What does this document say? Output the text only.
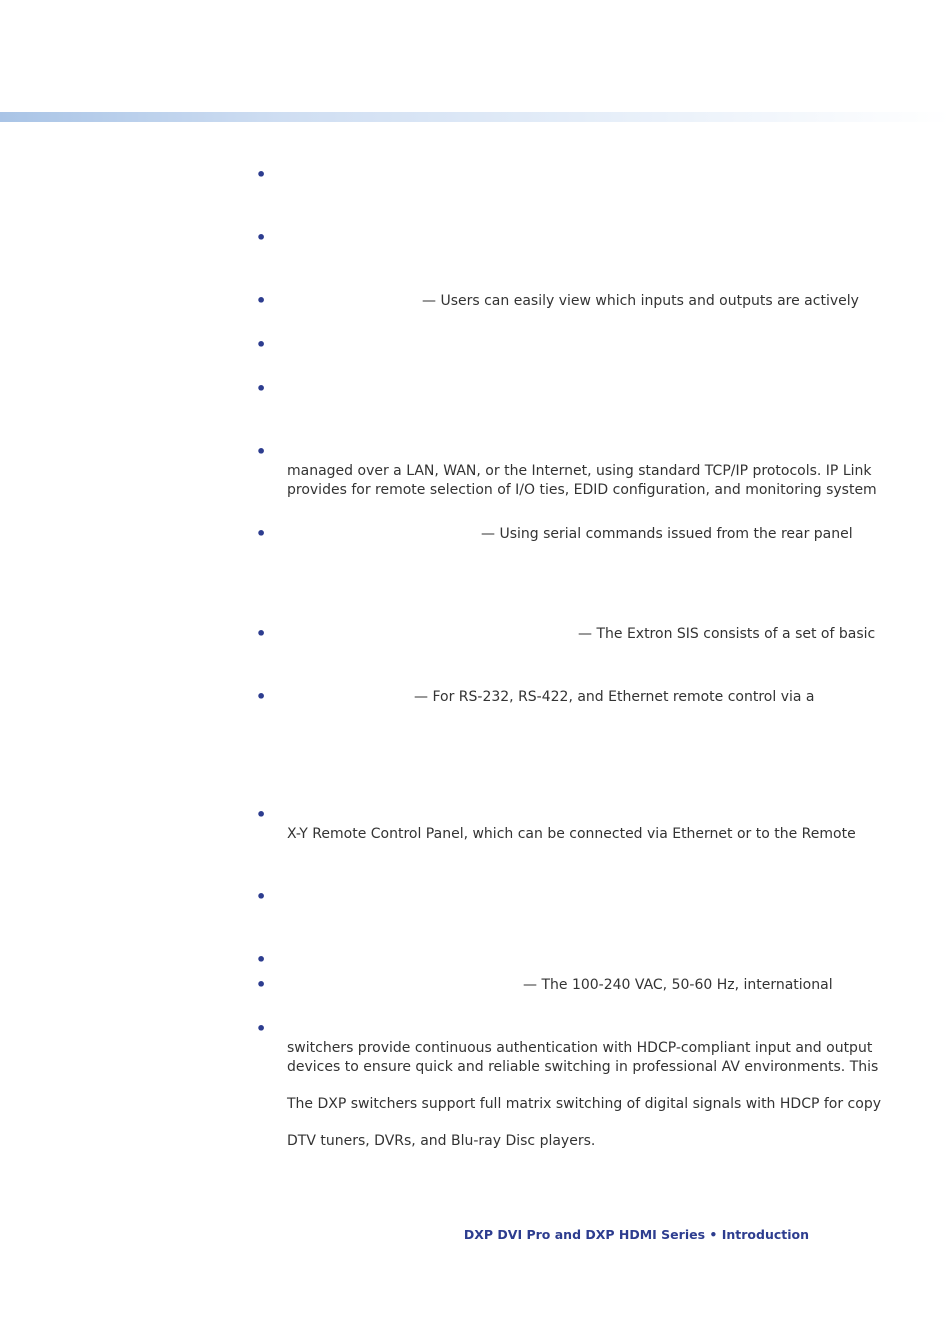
•
•
•
•
•
•
•
•
•
•
•
•
•
•
— Users can easily view which inputs and outputs are actively
managed over a LAN, WAN, or the Internet, using standard TCP/IP protocols. IP Link
provides for remote selection of I/O ties, EDID configuration, and monitoring system
— Using serial commands issued from the rear panel
— The Extron SIS consists of a set of basic
— For RS-232, RS-422, and Ethernet remote control via a
X-Y Remote Control Panel, which can be connected via Ethernet or to the Remote
— The 100-240 VAC, 50-60 Hz, international
switchers provide continuous authentication with HDCP-compliant input and output
devices to ensure quick and reliable switching in professional AV environments. This
The DXP switchers support full matrix switching of digital signals with HDCP for copy
DTV tuners, DVRs, and Blu-ray Disc players.
DXP DVI Pro and DXP HDMI Series • Introduction
